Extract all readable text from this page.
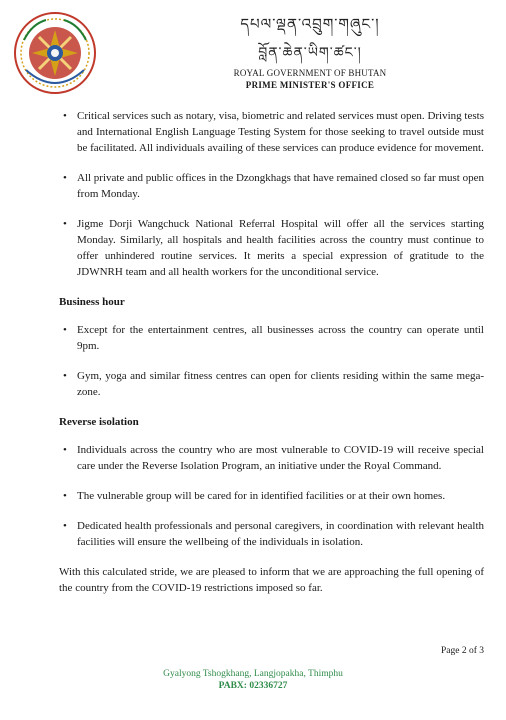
དཔལ་ལྡན་འབྲུག་གཞུང་།
བློན་ཆེན་ཡིག་ཚང་།
ROYAL GOVERNMENT OF BHUTAN
PRIME MINISTER'S OFFICE
• Critical services such as notary, visa, biometric and related services must open. Driving tests and International English Language Testing System for those seeking to travel outside must be facilitated. All individuals availing of these services can produce evidence for movement.
• All private and public offices in the Dzongkhags that have remained closed so far must open from Monday.
• Jigme Dorji Wangchuck National Referral Hospital will offer all the services starting Monday. Similarly, all hospitals and health facilities across the country must continue to offer unhindered routine services. It merits a special expression of gratitude to the JDWNRH team and all health workers for the unconditional service.
Business hour
• Except for the entertainment centres, all businesses across the country can operate until 9pm.
• Gym, yoga and similar fitness centres can open for clients residing within the same mega-zone.
Reverse isolation
• Individuals across the country who are most vulnerable to COVID-19 will receive special care under the Reverse Isolation Program, an initiative under the Royal Command.
• The vulnerable group will be cared for in identified facilities or at their own homes.
• Dedicated health professionals and personal caregivers, in coordination with relevant health facilities will ensure the wellbeing of the individuals in isolation.

With this calculated stride, we are pleased to inform that we are approaching the full opening of the country from the COVID-19 restrictions imposed so far.

Page 2 of 3
Gyalyong Tshogkhang, Langjopakha, Thimphu
PABX: 02336727
